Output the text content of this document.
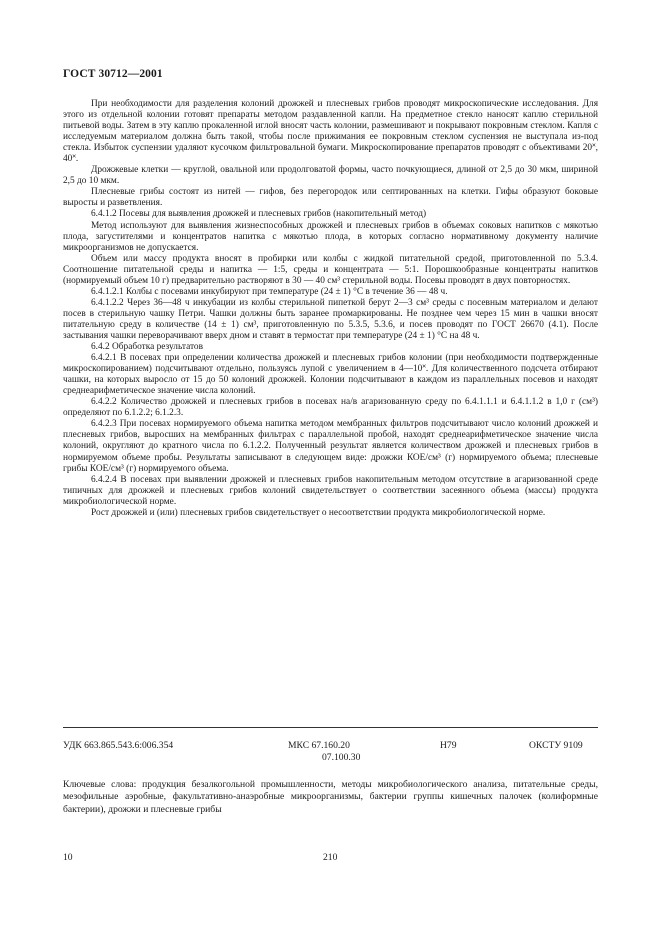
ГОСТ 30712—2001

При необходимости для разделения колоний дрожжей и плесневых грибов проводят микроскопические исследования. Для этого из отдельной колонии готовят препараты методом раздавленной капли. На предметное стекло наносят каплю стерильной питьевой воды. Затем в эту каплю прокаленной иглой вносят часть колонии, размешивают и покрывают покровным стеклом. Капля с исследуемым материалом должна быть такой, чтобы после прижимания ее покровным стеклом суспензия не выступала из-под стекла. Избыток суспензии удаляют кусочком фильтровальной бумаги. Микроскопирование препаратов проводят с объективами 20˟, 40˟.

Дрожжевые клетки — круглой, овальной или продолговатой формы, часто почкующиеся, длиной от 2,5 до 30 мкм, шириной 2,5 до 10 мкм.

Плесневые грибы состоят из нитей — гифов, без перегородок или септированных на клетки. Гифы образуют боковые выросты и разветвления.

6.4.1.2 Посевы для выявления дрожжей и плесневых грибов (накопительный метод)

Метод используют для выявления жизнеспособных дрожжей и плесневых грибов в объемах соковых напитков с мякотью плода, загустителями и концентратов напитка с мякотью плода, в которых согласно нормативному документу наличие микроорганизмов не допускается.

Объем или массу продукта вносят в пробирки или колбы с жидкой питательной средой, приготовленной по 5.3.4. Соотношение питательной среды и напитка — 1:5, среды и концентрата — 5:1. Порошкообразные концентраты напитков (нормируемый объем 10 г) предварительно растворяют в 30 — 40 см³ стерильной воды. Посевы проводят в двух повторностях.

6.4.1.2.1 Колбы с посевами инкубируют при температуре (24 ± 1) °С в течение 36 — 48 ч.

6.4.1.2.2 Через 36—48 ч инкубации из колбы стерильной пипеткой берут 2—3 см³ среды с посевным материалом и делают посев в стерильную чашку Петри. Чашки должны быть заранее промаркированы. Не позднее чем через 15 мин в чашки вносят питательную среду в количестве (14 ± 1) см³, приготовленную по 5.3.5, 5.3.6, и посев проводят по ГОСТ 26670 (4.1). После застывания чашки переворачивают вверх дном и ставят в термостат при температуре (24 ± 1) °С на 48 ч.

6.4.2 Обработка результатов

6.4.2.1 В посевах при определении количества дрожжей и плесневых грибов колонии (при необходимости подтвержденные микроскопированием) подсчитывают отдельно, пользуясь лупой с увеличением в 4—10˟. Для количественного подсчета отбирают чашки, на которых выросло от 15 до 50 колоний дрожжей. Колонии подсчитывают в каждом из параллельных посевов и находят среднеарифметическое значение числа колоний.

6.4.2.2 Количество дрожжей и плесневых грибов в посевах на/в агаризованную среду по 6.4.1.1.1 и 6.4.1.1.2 в 1,0 г (см³) определяют по 6.1.2.2; 6.1.2.3.

6.4.2.3 При посевах нормируемого объема напитка методом мембранных фильтров подсчитывают число колоний дрожжей и плесневых грибов, выросших на мембранных фильтрах с параллельной пробой, находят среднеарифметическое значение числа колоний, округляют до кратного числа по 6.1.2.2. Полученный результат является количеством дрожжей и плесневых грибов в нормируемом объеме пробы. Результаты записывают в следующем виде: дрожжи КОЕ/см³ (г) нормируемого объема; плесневые грибы КОЕ/см³ (г) нормируемого объема.

6.4.2.4 В посевах при выявлении дрожжей и плесневых грибов накопительным методом отсутствие в агаризованной среде типичных для дрожжей и плесневых грибов колоний свидетельствует о соответствии засеянного объема (массы) продукта микробиологической норме.

Рост дрожжей и (или) плесневых грибов свидетельствует о несоответствии продукта микробиологической норме.

УДК 663.865.543.6:006.354	МКС 67.160.20
07.100.30
Н79	ОКСТУ 9109
Ключевые слова: продукция безалкогольной промышленности, методы микробиологического анализа, питательные среды, мезофильные аэробные, факультативно-анаэробные микроорганизмы, бактерии группы кишечных палочек (колиформные бактерии), дрожжи и плесневые грибы
10	210
